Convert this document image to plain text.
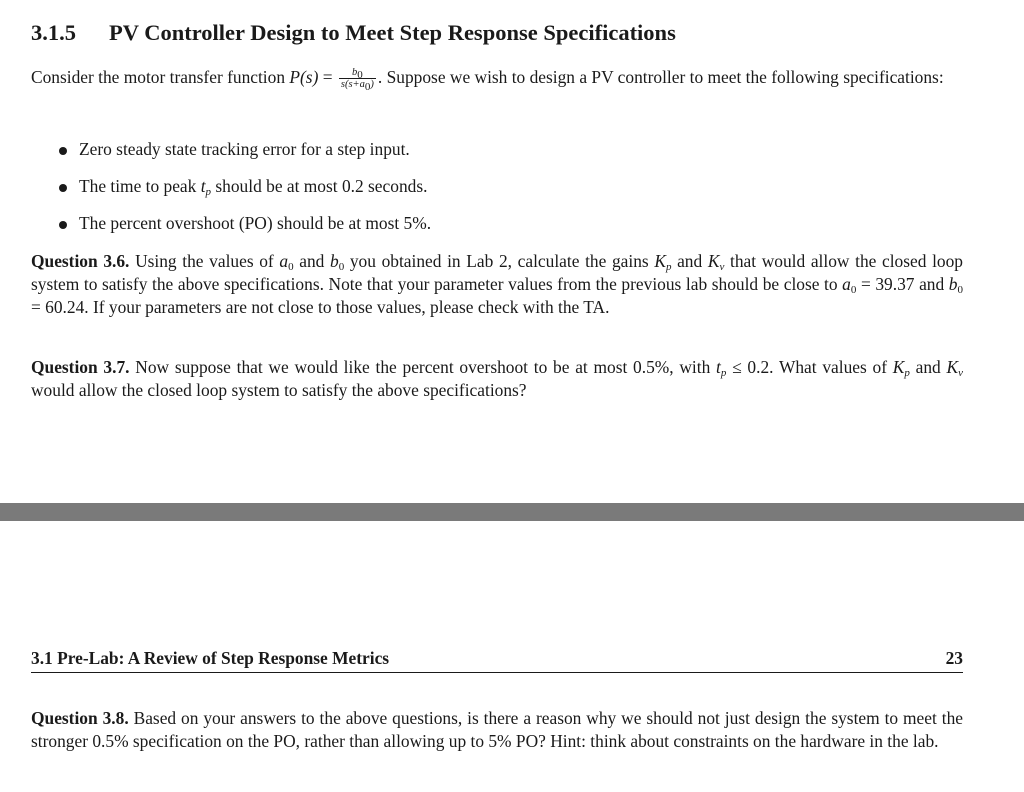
3.1.5 PV Controller Design to Meet Step Response Specifications

Consider the motor transfer function $P(s) = \frac{b_0}{s(s+a_0)}$ . Suppose we wish to design a PV controller to meet the following specifications:

Zero steady state tracking error for a step input.
The time to peak $t_p$ should be at most 0.2 seconds.
The percent overshoot (PO) should be at most 5%.

Question 3.6. Using the values of $a_0$ and $b_0$ you obtained in Lab 2, calculate the gains $K_p$ and $K_v$ that would allow the closed loop system to satisfy the above specifications. Note that your parameter values from the previous lab should be close to $a_0 = 39.37$ and $b_0 = 60.24$. If your parameters are not close to those values, please check with the TA.

Question 3.7. Now suppose that we would like the percent overshoot to be at most 0.5%, with $t_p \le 0.2$. What values of $K_p$ and $K_v$ would allow the closed loop system to satisfy the above specifications?

3.1 Pre-Lab: A Review of Step Response Metrics	23

Question 3.8. Based on your answers to the above questions, is there a reason why we should not just design the system to meet the stronger 0.5% specification on the PO, rather than allowing up to 5% PO? Hint: think about constraints on the hardware in the lab.
